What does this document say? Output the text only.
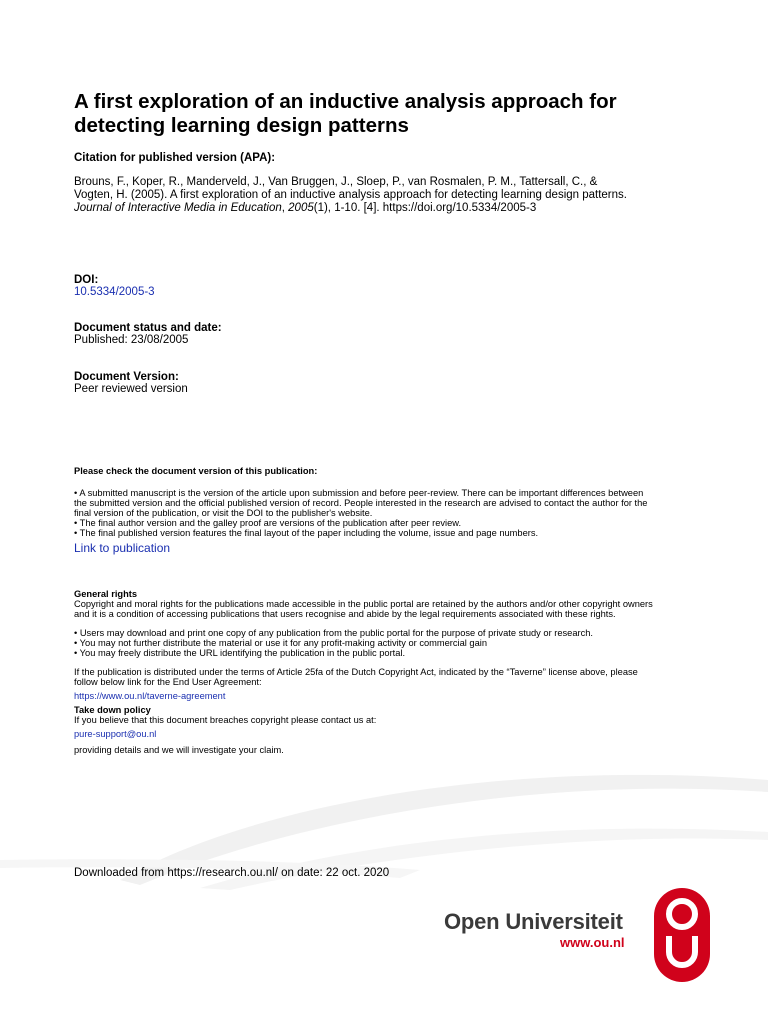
A first exploration of an inductive analysis approach for
detecting learning design patterns

Citation for published version (APA):

Brouns, F., Koper, R., Manderveld, J., Van Bruggen, J., Sloep, P., van Rosmalen, P. M., Tattersall, C., &
Vogten, H. (2005). A first exploration of an inductive analysis approach for detecting learning design patterns.
Journal of Interactive Media in Education, 2005(1), 1-10. [4]. https://doi.org/10.5334/2005-3

DOI:

10.5334/2005-3

Document status and date:

Published: 23/08/2005

Document Version:

Peer reviewed version

Please check the document version of this publication:

• A submitted manuscript is the version of the article upon submission and before peer-review. There can be important differences between
the submitted version and the official published version of record. People interested in the research are advised to contact the author for the
final version of the publication, or visit the DOI to the publisher's website.
• The final author version and the galley proof are versions of the publication after peer review.
• The final published version features the final layout of the paper including the volume, issue and page numbers.
Link to publication

General rights

Copyright and moral rights for the publications made accessible in the public portal are retained by the authors and/or other copyright owners
and it is a condition of accessing publications that users recognise and abide by the legal requirements associated with these rights.

• Users may download and print one copy of any publication from the public portal for the purpose of private study or research.
• You may not further distribute the material or use it for any profit-making activity or commercial gain
• You may freely distribute the URL identifying the publication in the public portal.
If the publication is distributed under the terms of Article 25fa of the Dutch Copyright Act, indicated by the “Taverne” license above, please
follow below link for the End User Agreement:
https://www.ou.nl/taverne-agreement

Take down policy

If you believe that this document breaches copyright please contact us at:

pure-support@ou.nl

providing details and we will investigate your claim.

Downloaded from https://research.ou.nl/ on date: 22 oct. 2020

Open Universiteit
www.ou.nl
